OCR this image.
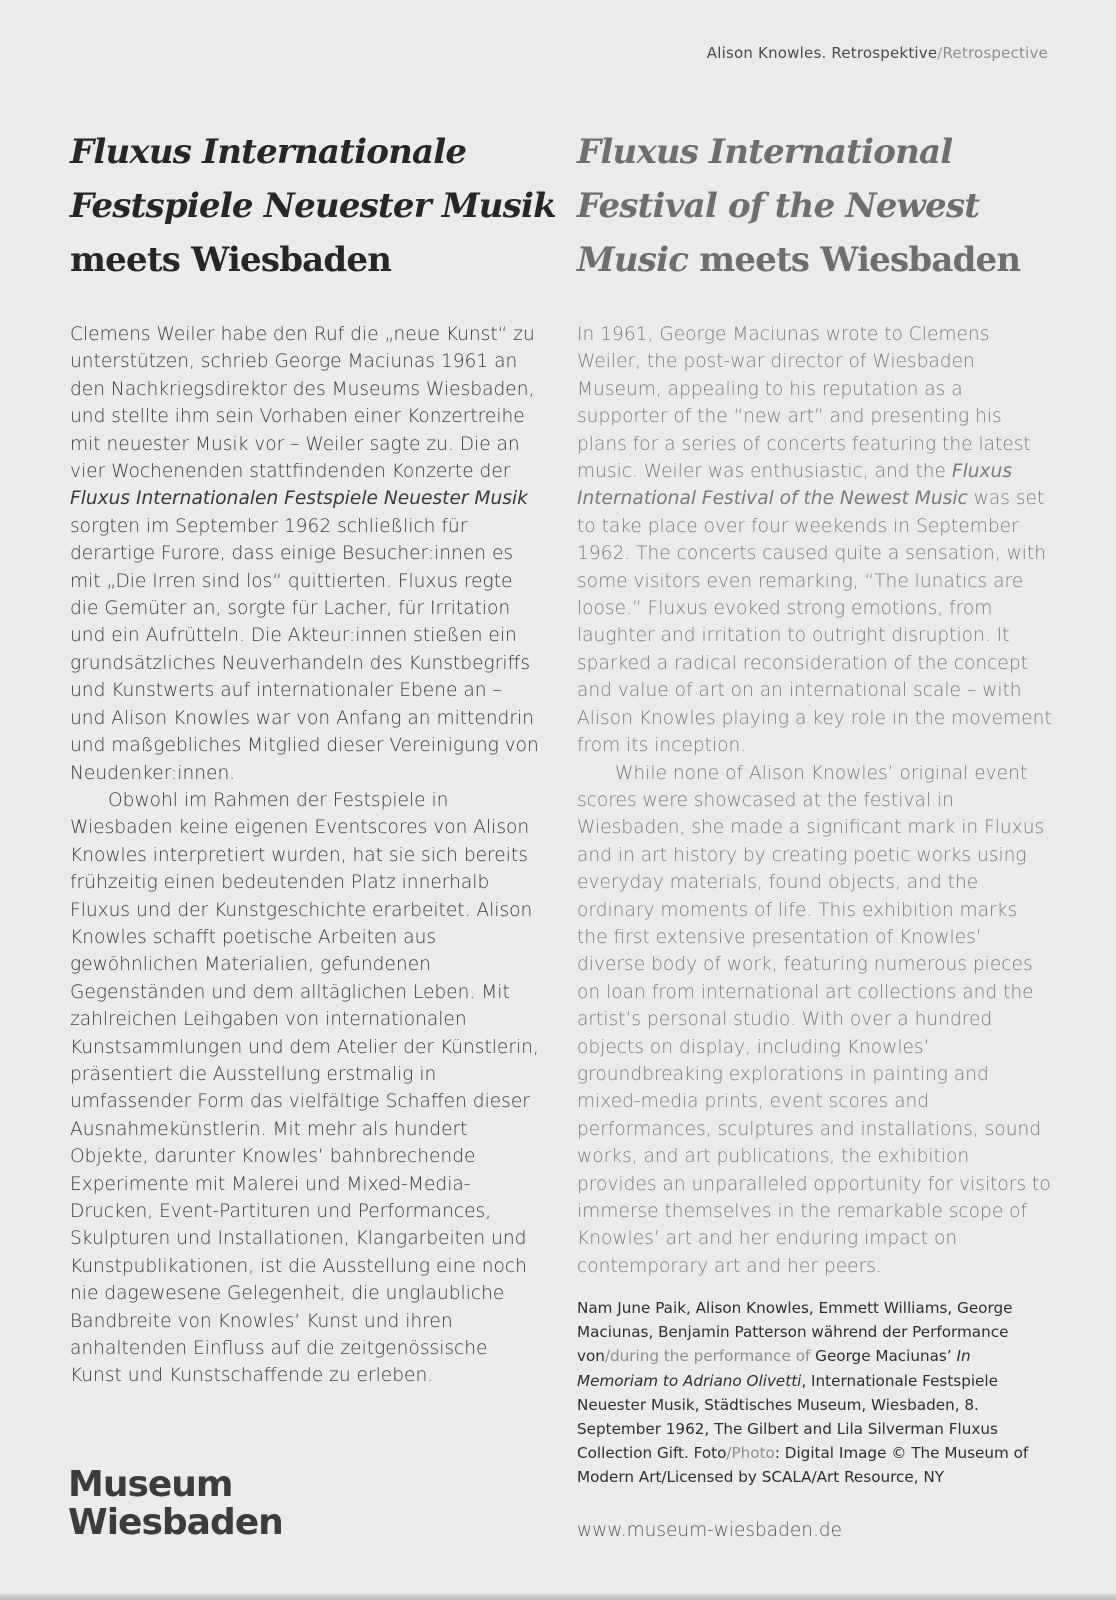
Alison Knowles. Retrospektive/Retrospective
Fluxus Internationale
Festspiele Neuester Musik
meets Wiesbaden

Clemens Weiler habe den Ruf die „neue Kunst“ zu unterstützen, schrieb George Maciunas 1961 an den Nachkriegsdirektor des Museums Wiesbaden, und stellte ihm sein Vorhaben einer Konzertreihe mit neuester Musik vor – Weiler sagte zu. Die an vier Wochenenden stattfindenden Konzerte der Fluxus Internationalen Festspiele Neuester Musik sorgten im September 1962 schließlich für derartige Furore, dass einige Besucher:innen es mit „Die Irren sind los“ quittierten. Fluxus regte die Gemüter an, sorgte für Lacher, für Irritation und ein Aufrütteln. Die Akteur:innen stießen ein grundsätzliches Neuverhandeln des Kunstbegriffs und Kunstwerts auf internationaler Ebene an – und Alison Knowles war von Anfang an mittendrin und maßgebliches Mitglied dieser Vereinigung von Neudenker:innen.

Obwohl im Rahmen der Festspiele in Wiesbaden keine eigenen Eventscores von Alison Knowles interpretiert wurden, hat sie sich bereits frühzeitig einen bedeutenden Platz innerhalb Fluxus und der Kunstgeschichte erarbeitet. Alison Knowles schafft poetische Arbeiten aus gewöhnlichen Materialien, gefundenen Gegenständen und dem alltäglichen Leben. Mit zahlreichen Leihgaben von internationalen Kunstsammlungen und dem Atelier der Künstlerin, präsentiert die Ausstellung erstmalig in umfassender Form das vielfältige Schaffen dieser Ausnahmekünstlerin. Mit mehr als hundert Objekte, darunter Knowles’ bahnbrechende Experimente mit Malerei und Mixed-Media-Drucken, Event-Partituren und Performances, Skulpturen und Installationen, Klangarbeiten und Kunstpublikationen, ist die Ausstellung eine noch nie dagewesene Gelegenheit, die unglaubliche Bandbreite von Knowles’ Kunst und ihren anhaltenden Einfluss auf die zeitgenössische Kunst und Kunstschaffende zu erleben.

Fluxus International
Festival of the Newest
Music meets Wiesbaden

In 1961, George Maciunas wrote to Clemens Weiler, the post-war director of Wiesbaden Museum, appealing to his reputation as a supporter of the “new art” and presenting his plans for a series of concerts featuring the latest music. Weiler was enthusiastic, and the Fluxus International Festival of the Newest Music was set to take place over four weekends in September 1962. The concerts caused quite a sensation, with some visitors even remarking, “The lunatics are loose.” Fluxus evoked strong emotions, from laughter and irritation to outright disruption. It sparked a radical reconsideration of the concept and value of art on an international scale – with Alison Knowles playing a key role in the movement from its inception.

While none of Alison Knowles’ original event scores were showcased at the festival in Wiesbaden, she made a significant mark in Fluxus and in art history by creating poetic works using everyday materials, found objects, and the ordinary moments of life. This exhibition marks the first extensive presentation of Knowles’ diverse body of work, featuring numerous pieces on loan from international art collections and the artist’s personal studio. With over a hundred objects on display, including Knowles’ groundbreaking explorations in painting and mixed-media prints, event scores and performances, sculptures and installations, sound works, and art publications, the exhibition provides an unparalleled opportunity for visitors to immerse themselves in the remarkable scope of Knowles’ art and her enduring impact on contemporary art and her peers.

Nam June Paik, Alison Knowles, Emmett Williams, George Maciunas, Benjamin Patterson während der Performance von/during the performance of George Maciunas’ In Memoriam to Adriano Olivetti, Internationale Festspiele Neuester Musik, Städtisches Museum, Wiesbaden, 8. September 1962, The Gilbert and Lila Silverman Fluxus Collection Gift. Foto/Photo: Digital Image © The Museum of Modern Art/Licensed by SCALA/Art Resource, NY
Museum
Wiesbaden	www.museum-wiesbaden.de
